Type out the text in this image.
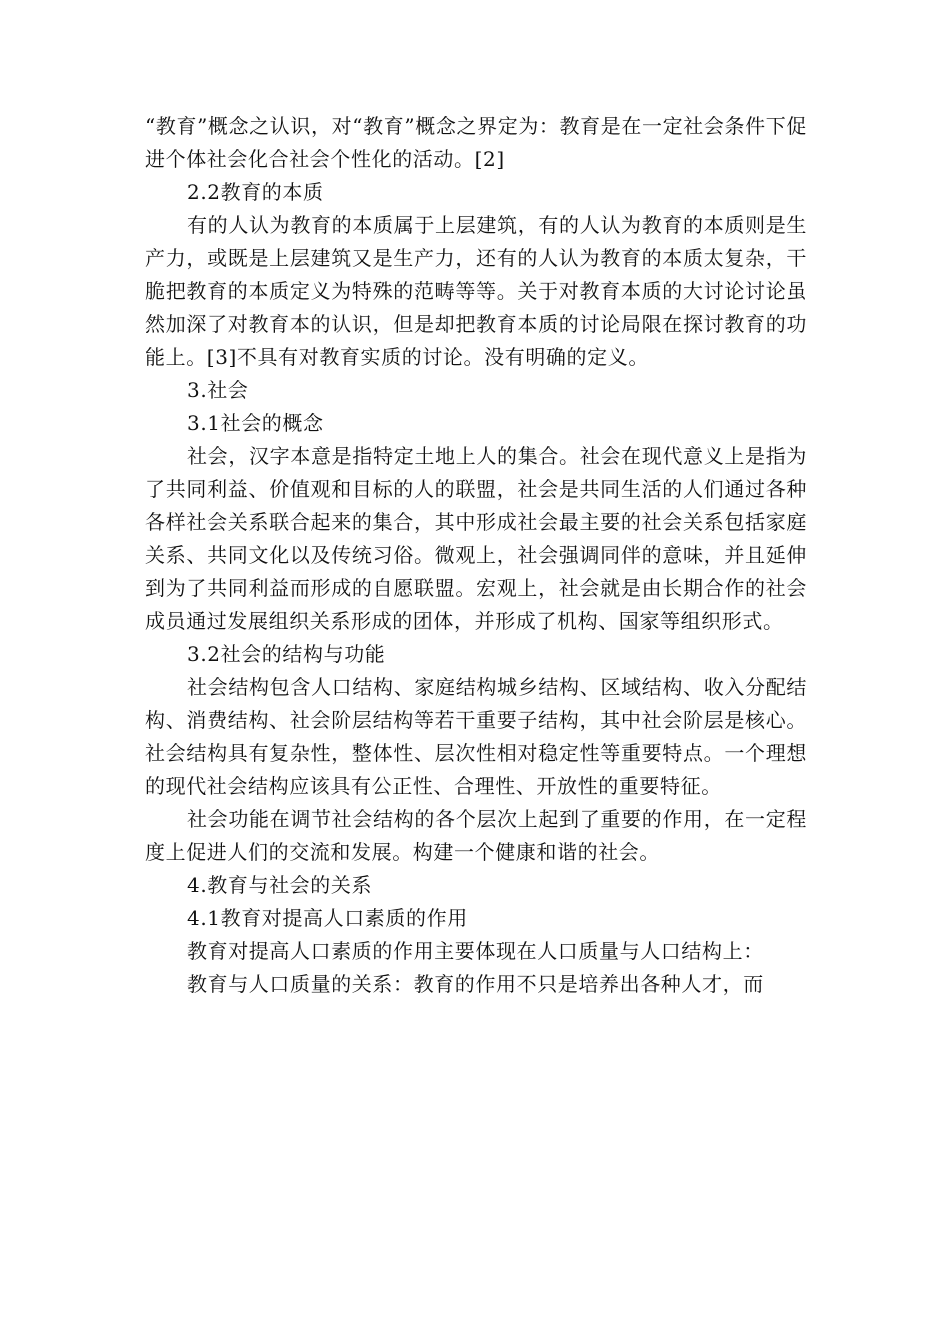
“教育”概念之认识，对“教育”概念之界定为：教育是在一定社会条件下促进个体社会化合社会个性化的活动。[2]

2.2教育的本质

有的人认为教育的本质属于上层建筑，有的人认为教育的本质则是生产力，或既是上层建筑又是生产力，还有的人认为教育的本质太复杂，干脆把教育的本质定义为特殊的范畴等等。关于对教育本质的大讨论讨论虽然加深了对教育本的认识，但是却把教育本质的讨论局限在探讨教育的功能上。[3]不具有对教育实质的讨论。没有明确的定义。

3.社会

3.1社会的概念

社会，汉字本意是指特定土地上人的集合。社会在现代意义上是指为了共同利益、价值观和目标的人的联盟，社会是共同生活的人们通过各种各样社会关系联合起来的集合，其中形成社会最主要的社会关系包括家庭关系、共同文化以及传统习俗。微观上，社会强调同伴的意味，并且延伸到为了共同利益而形成的自愿联盟。宏观上，社会就是由长期合作的社会成员通过发展组织关系形成的团体，并形成了机构、国家等组织形式。

3.2社会的结构与功能

社会结构包含人口结构、家庭结构城乡结构、区域结构、收入分配结构、消费结构、社会阶层结构等若干重要子结构，其中社会阶层是核心。社会结构具有复杂性，整体性、层次性相对稳定性等重要特点。一个理想的现代社会结构应该具有公正性、合理性、开放性的重要特征。

社会功能在调节社会结构的各个层次上起到了重要的作用，在一定程度上促进人们的交流和发展。构建一个健康和谐的社会。

4.教育与社会的关系

4.1教育对提高人口素质的作用

教育对提高人口素质的作用主要体现在人口质量与人口结构上：

教育与人口质量的关系：教育的作用不只是培养出各种人才，而
